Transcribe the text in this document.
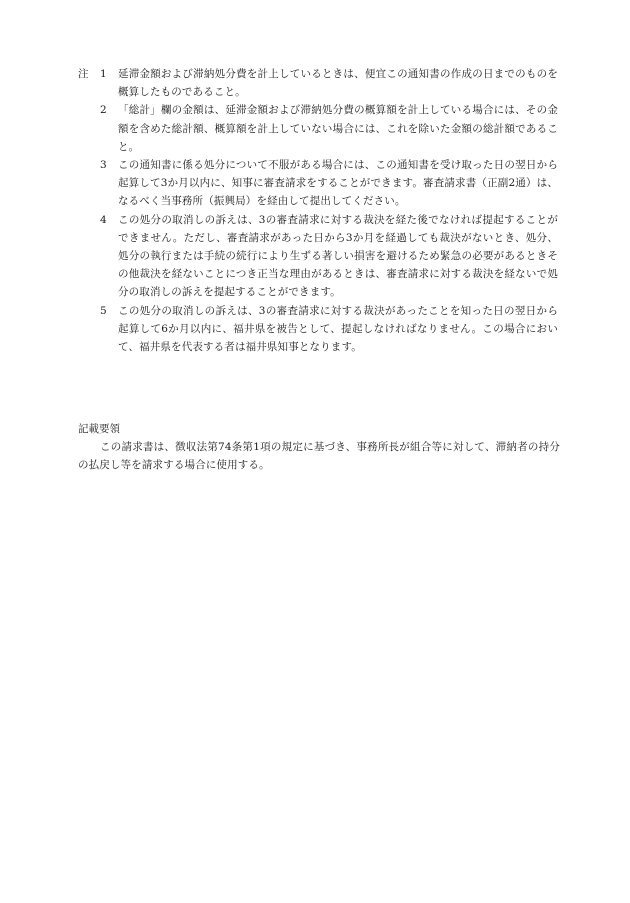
注 1 延滞金額および滞納処分費を計上しているときは、便宜この通知書の作成の日までのものを概算したものであること。
2 「総計」欄の金額は、延滞金額および滞納処分費の概算額を計上している場合には、その金額を含めた総計額、概算額を計上していない場合には、これを除いた金額の総計額であること。
3 この通知書に係る処分について不服がある場合には、この通知書を受け取った日の翌日から起算して3か月以内に、知事に審査請求をすることができます。審査請求書（正副2通）は、なるべく当事務所（振興局）を経由して提出してください。
4 この処分の取消しの訴えは、3の審査請求に対する裁決を経た後でなければ提起することができません。ただし、審査請求があった日から3か月を経過しても裁決がないとき、処分、処分の執行または手続の続行により生ずる著しい損害を避けるため緊急の必要があるときその他裁決を経ないことにつき正当な理由があるときは、審査請求に対する裁決を経ないで処分の取消しの訴えを提起することができます。
5 この処分の取消しの訴えは、3の審査請求に対する裁決があったことを知った日の翌日から起算して6か月以内に、福井県を被告として、提起しなければなりません。この場合において、福井県を代表する者は福井県知事となります。
記載要領
この請求書は、徴収法第74条第1項の規定に基づき、事務所長が組合等に対して、滞納者の持分の払戻し等を請求する場合に使用する。
